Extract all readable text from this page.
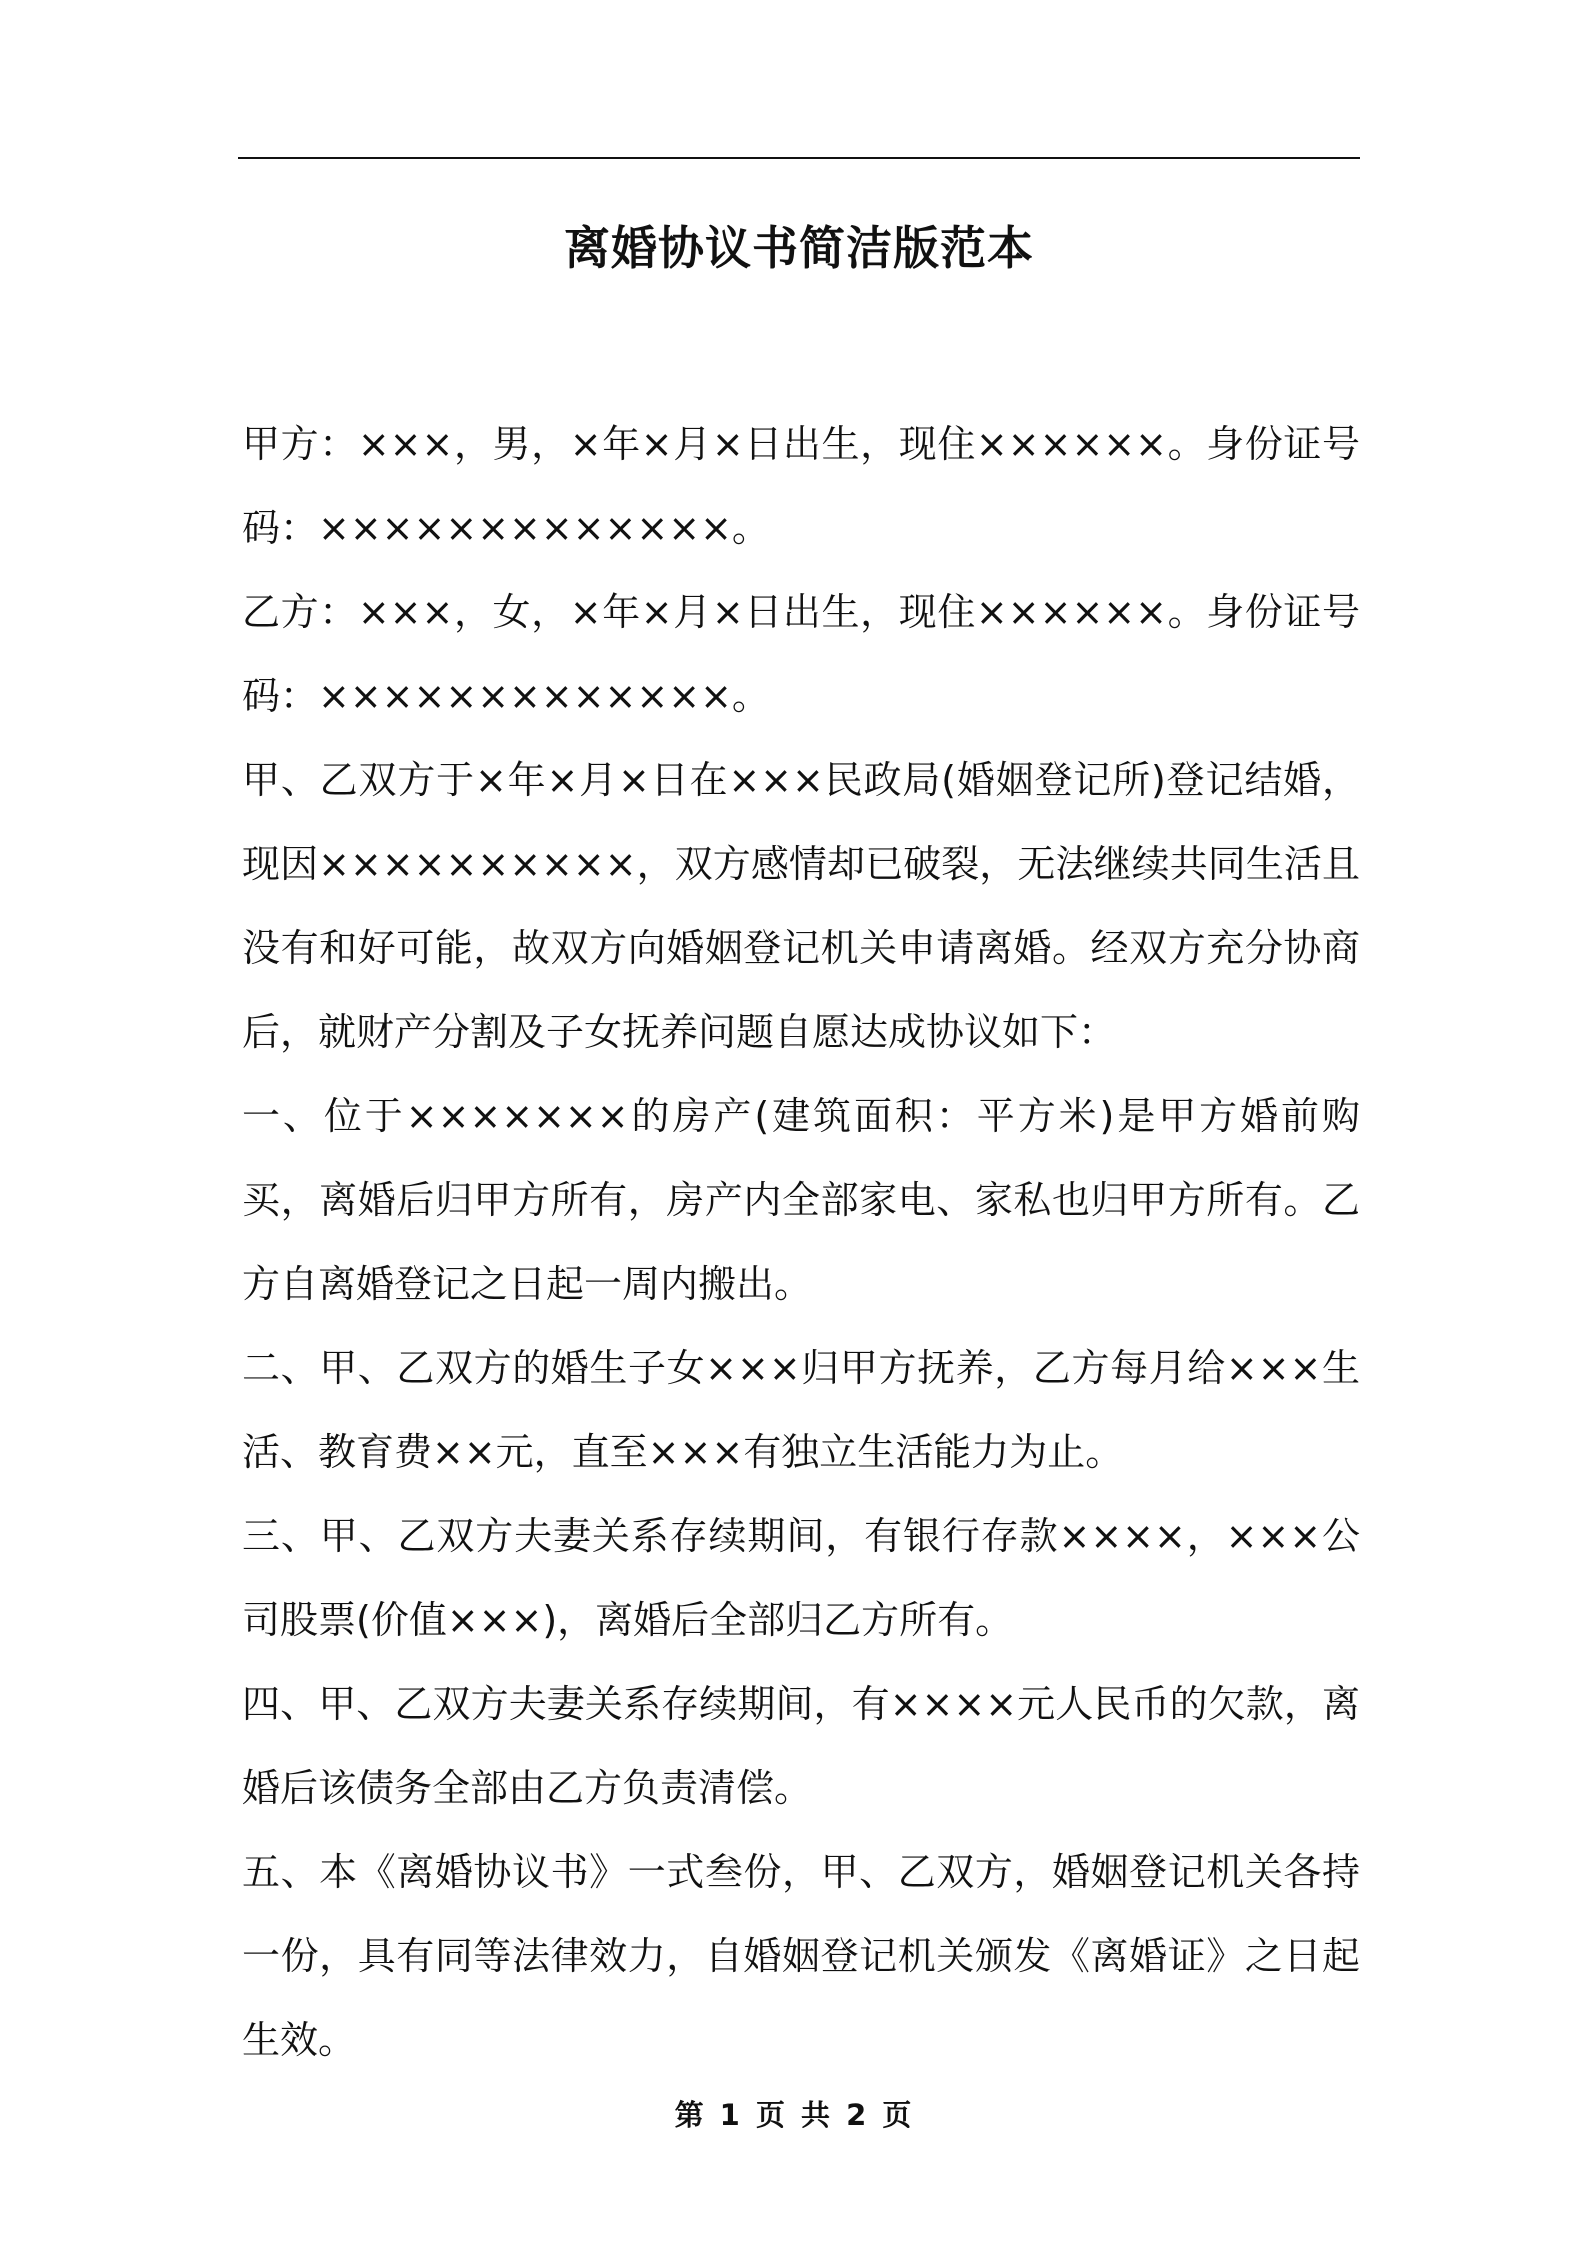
离婚协议书简洁版范本

甲方：×××，男，×年×月×日出生，现住××××××。身份证号码：×××××××××××××。

乙方：×××，女，×年×月×日出生，现住××××××。身份证号码：×××××××××××××。

甲、乙双方于×年×月×日在×××民政局(婚姻登记所)登记结婚，现因××××××××××，双方感情却已破裂，无法继续共同生活且没有和好可能，故双方向婚姻登记机关申请离婚。经双方充分协商后，就财产分割及子女抚养问题自愿达成协议如下：

一、位于×××××××的房产(建筑面积：平方米)是甲方婚前购买，离婚后归甲方所有，房产内全部家电、家私也归甲方所有。乙方自离婚登记之日起一周内搬出。

二、甲、乙双方的婚生子女×××归甲方抚养，乙方每月给×××生活、教育费××元，直至×××有独立生活能力为止。

三、甲、乙双方夫妻关系存续期间，有银行存款××××，×××公司股票(价值×××)，离婚后全部归乙方所有。

四、甲、乙双方夫妻关系存续期间，有××××元人民币的欠款，离婚后该债务全部由乙方负责清偿。

五、本《离婚协议书》一式叁份，甲、乙双方，婚姻登记机关各持一份，具有同等法律效力，自婚姻登记机关颁发《离婚证》之日起生效。

第 1 页 共 2 页
